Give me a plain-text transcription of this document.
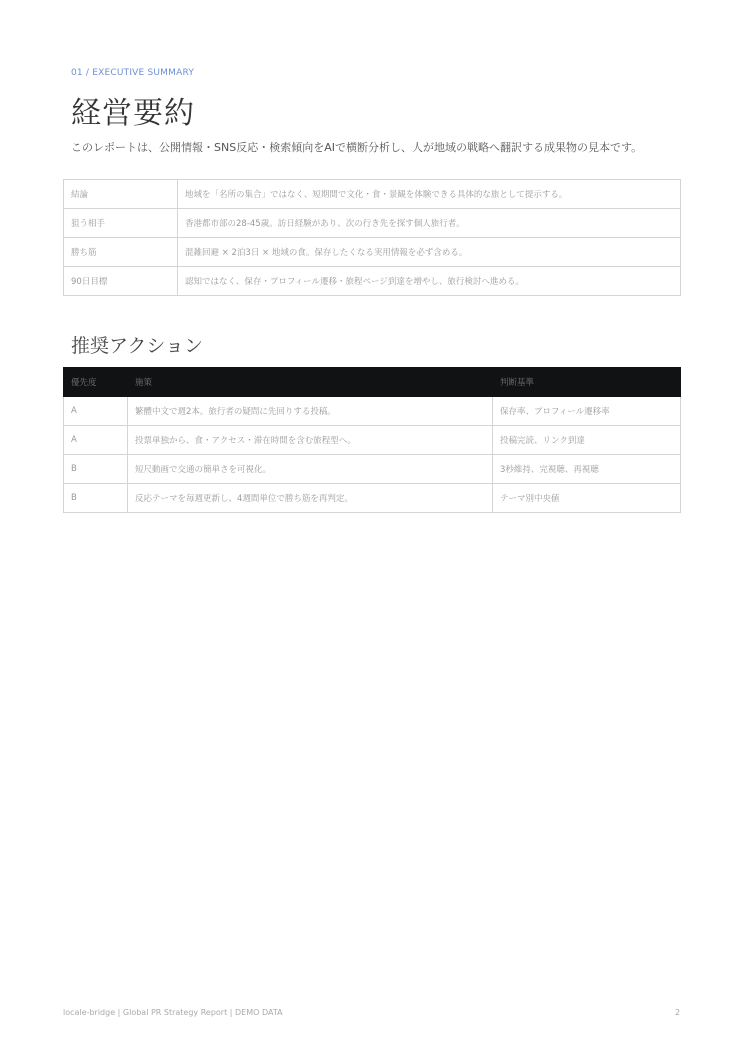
01 / EXECUTIVE SUMMARY
経営要約
このレポートは、公開情報・SNS反応・検索傾向をAIで横断分析し、人が地域の戦略へ翻訳する成果物の見本です。
結論	地域を「名所の集合」ではなく、短期間で文化・食・景観を体験できる具体的な旅として提示する。
狙う相手	香港都市部の28-45歳。訪日経験があり、次の行き先を探す個人旅行者。
勝ち筋	混雑回避 × 2泊3日 × 地域の食。保存したくなる実用情報を必ず含める。
90日目標	認知ではなく、保存・プロフィール遷移・旅程ページ到達を増やし、旅行検討へ進める。
推奨アクション
優先度	施策	判断基準
A	繁體中文で週2本。旅行者の疑問に先回りする投稿。	保存率、プロフィール遷移率
A	投票単独から、食・アクセス・滞在時間を含む旅程型へ。	投稿完読、リンク到達
B	短尺動画で交通の簡単さを可視化。	3秒維持、完視聴、再視聴
B	反応テーマを毎週更新し、4週間単位で勝ち筋を再判定。	テーマ別中央値
locale-bridge | Global PR Strategy Report | DEMO DATA	2
